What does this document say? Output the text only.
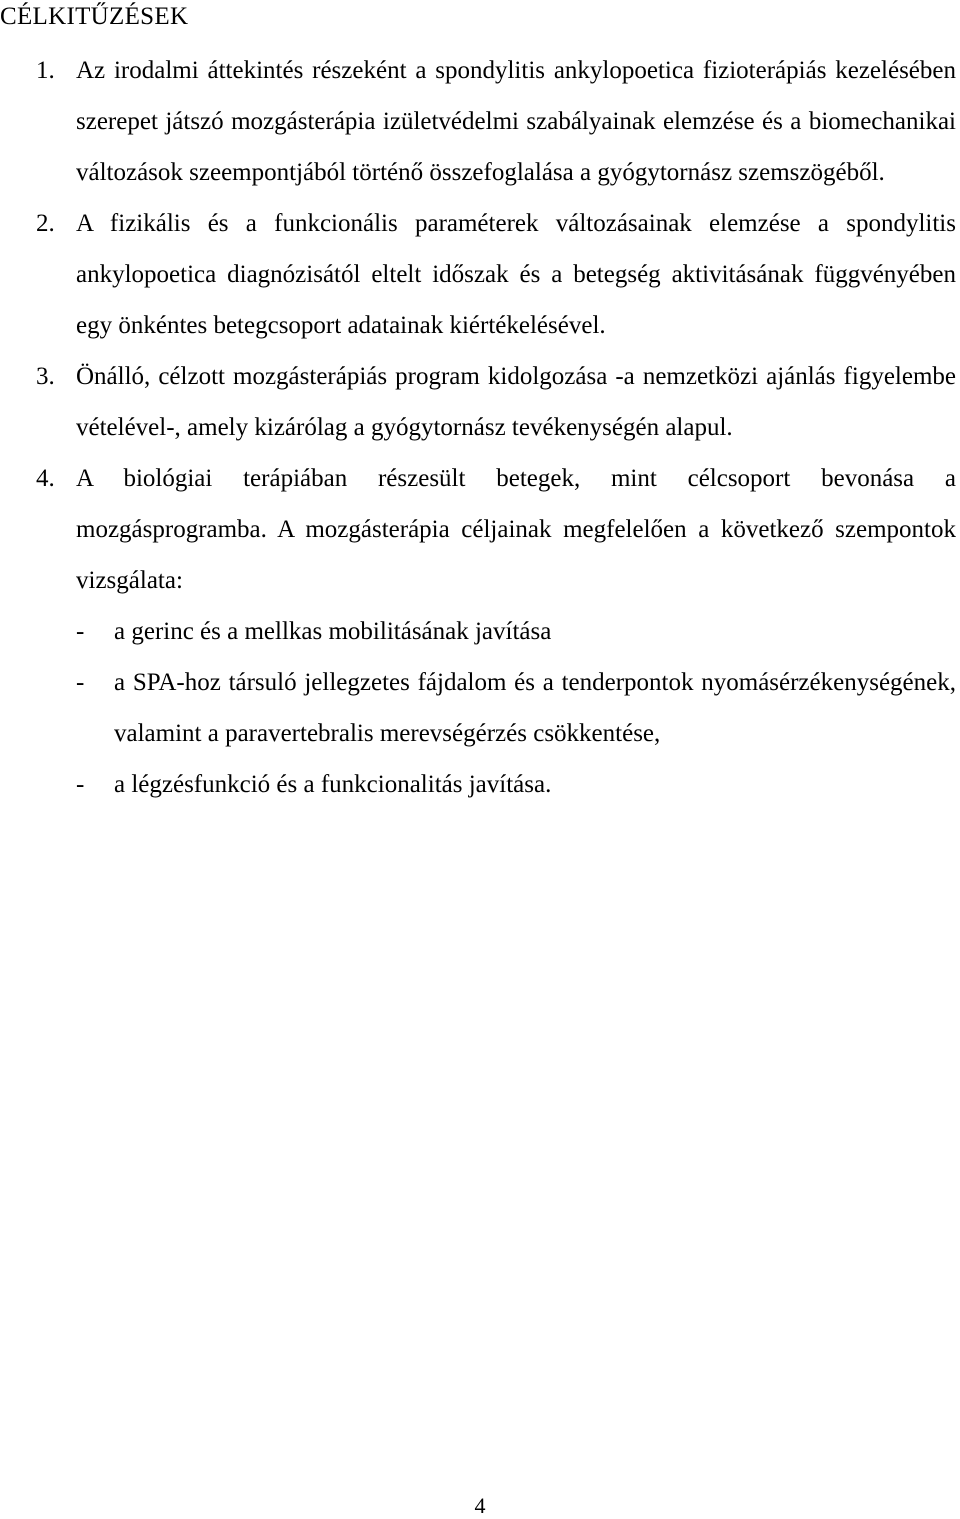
CÉLKITŰZÉSEK
1. Az irodalmi áttekintés részeként a spondylitis ankylopoetica fizioterápiás kezelésében szerepet játszó mozgásterápia izületvédelmi szabályainak elemzése és a biomechanikai változások szeempontjából történő összefoglalása a gyógytornász szemszögéből.
2. A fizikális és a funkcionális paraméterek változásainak elemzése a spondylitis ankylopoetica diagnózisától eltelt időszak és a betegség aktivitásának függvényében egy önkéntes betegcsoport adatainak kiértékelésével.
3. Önálló, célzott mozgásterápiás program kidolgozása -a nemzetközi ajánlás figyelembe vételével-, amely kizárólag a gyógytornász tevékenységén alapul.
4. A biológiai terápiában részesült betegek, mint célcsoport bevonása a mozgásprogramba. A mozgásterápia céljainak megfelelően a következő szempontok vizsgálata:
- a gerinc és a mellkas mobilitásának javítása
- a SPA-hoz társuló jellegzetes fájdalom és a tenderpontok nyomásérzékenységének, valamint a paravertebralis merevségérzés csökkentése,
- a légzésfunkció és a funkcionalitás javítása.
4
